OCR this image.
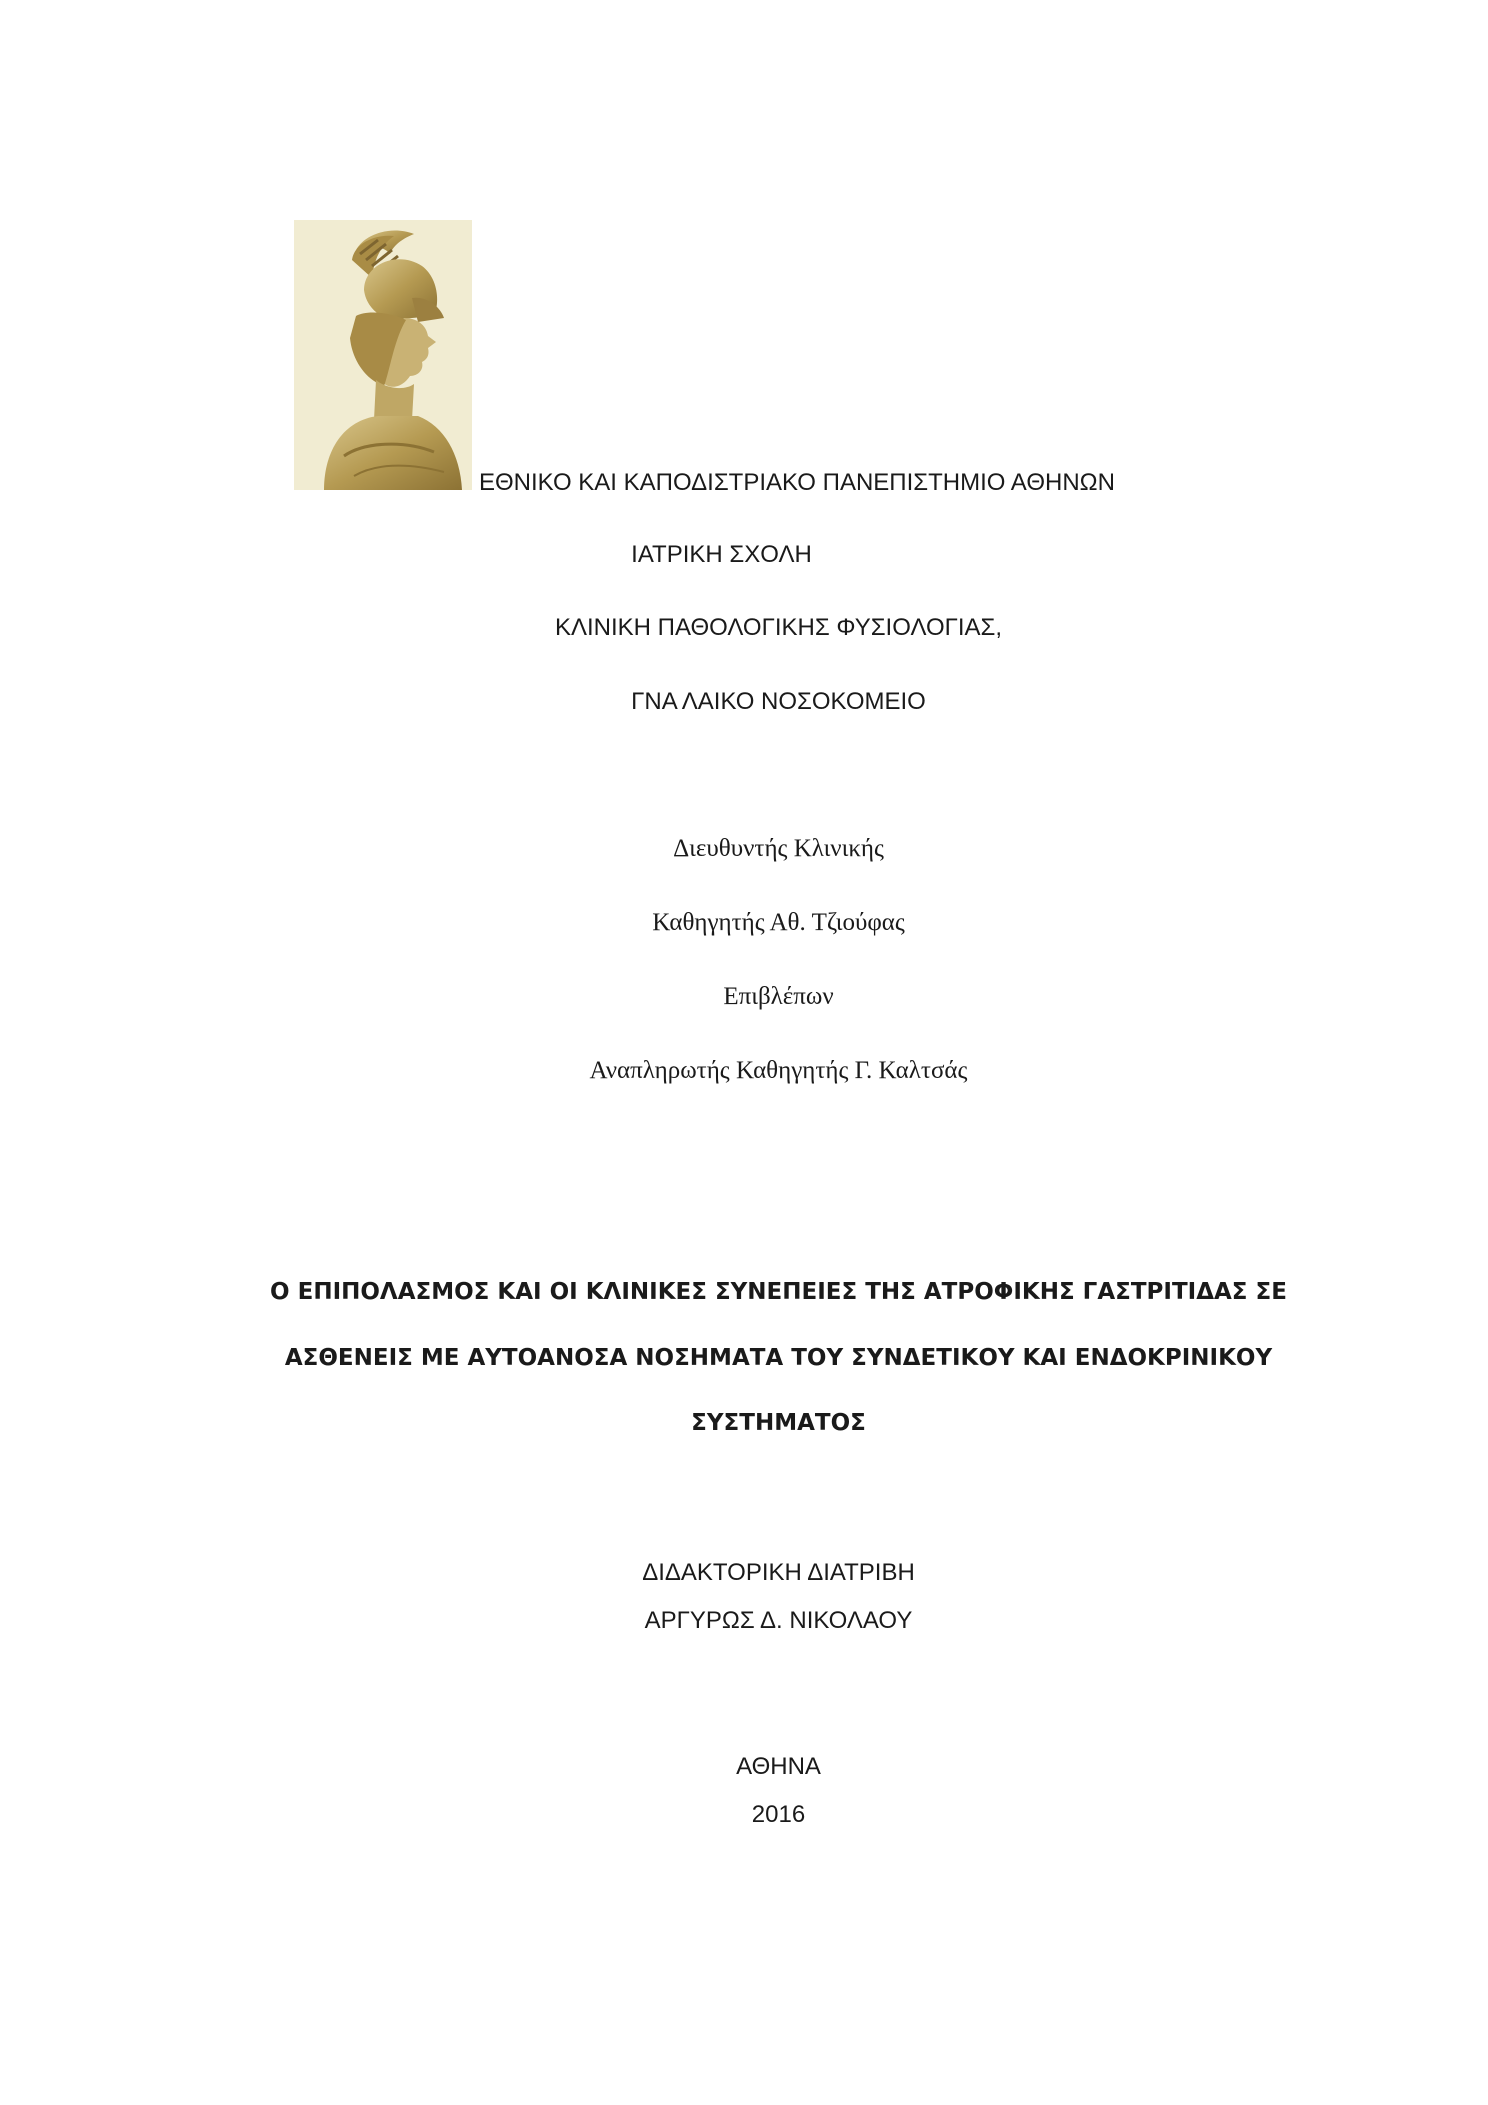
ΕΘΝΙΚΟ ΚΑΙ ΚΑΠΟΔΙΣΤΡΙΑΚΟ ΠΑΝΕΠΙΣΤΗΜΙΟ ΑΘΗΝΩΝ
ΙΑΤΡΙΚΗ ΣΧΟΛΗ
ΚΛΙΝΙΚΗ ΠΑΘΟΛΟΓΙΚΗΣ ΦΥΣΙΟΛΟΓΙΑΣ,
ΓΝΑ ΛΑΙΚΟ ΝΟΣΟΚΟΜΕΙΟ
Διευθυντής Κλινικής
Καθηγητής Αθ. Τζιούφας
Επιβλέπων
Αναπληρωτής Καθηγητής Γ. Καλτσάς
Ο ΕΠΙΠΟΛΑΣΜΟΣ ΚΑΙ ΟΙ ΚΛΙΝΙΚΕΣ ΣΥΝΕΠΕΙΕΣ ΤΗΣ ΑΤΡΟΦΙΚΗΣ ΓΑΣΤΡΙΤΙΔΑΣ ΣΕ
ΑΣΘΕΝΕΙΣ ΜΕ ΑΥΤΟΑΝΟΣΑ ΝΟΣΗΜΑΤΑ ΤΟΥ ΣΥΝΔΕΤΙΚΟΥ ΚΑΙ ΕΝΔΟΚΡΙΝΙΚΟΥ
ΣΥΣΤΗΜΑΤΟΣ
ΔΙΔΑΚΤΟΡΙΚΗ ΔΙΑΤΡΙΒΗ
ΑΡΓΥΡΩΣ Δ. ΝΙΚΟΛΑΟΥ
ΑΘΗΝΑ
2016
